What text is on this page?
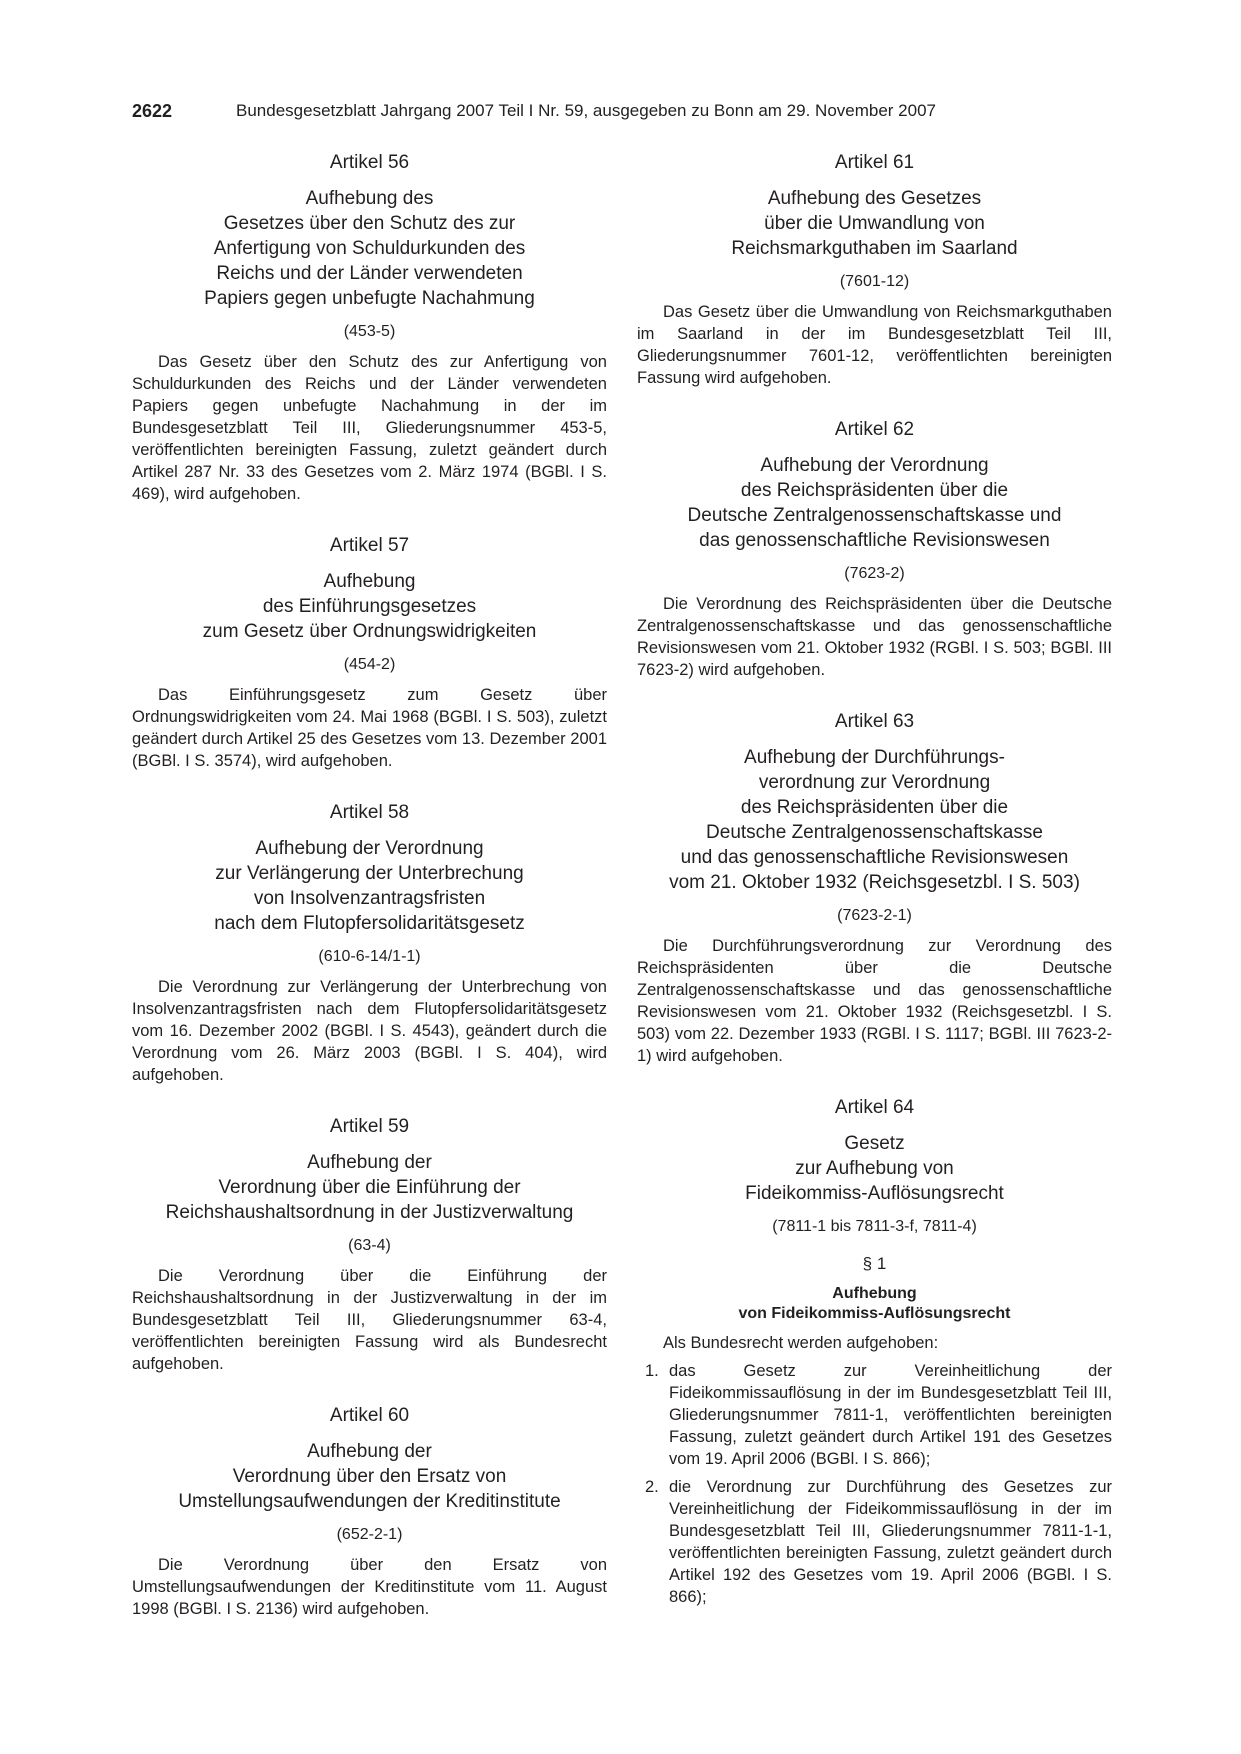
2622	Bundesgesetzblatt Jahrgang 2007 Teil I Nr. 59, ausgegeben zu Bonn am 29. November 2007
Artikel 56
Aufhebung des
Gesetzes über den Schutz des zur
Anfertigung von Schuldurkunden des
Reichs und der Länder verwendeten
Papiers gegen unbefugte Nachahmung
(453-5)

Das Gesetz über den Schutz des zur Anfertigung von Schuldurkunden des Reichs und der Länder verwendeten Papiers gegen unbefugte Nachahmung in der im Bundesgesetzblatt Teil III, Gliederungsnummer 453-5, veröffentlichten bereinigten Fassung, zuletzt geändert durch Artikel 287 Nr. 33 des Gesetzes vom 2. März 1974 (BGBl. I S. 469), wird aufgehoben.

Artikel 57
Aufhebung
des Einführungsgesetzes
zum Gesetz über Ordnungswidrigkeiten
(454-2)

Das Einführungsgesetz zum Gesetz über Ordnungswidrigkeiten vom 24. Mai 1968 (BGBl. I S. 503), zuletzt geändert durch Artikel 25 des Gesetzes vom 13. Dezember 2001 (BGBl. I S. 3574), wird aufgehoben.

Artikel 58
Aufhebung der Verordnung
zur Verlängerung der Unterbrechung
von Insolvenzantragsfristen
nach dem Flutopfersolidaritätsgesetz
(610-6-14/1-1)

Die Verordnung zur Verlängerung der Unterbrechung von Insolvenzantragsfristen nach dem Flutopfersolidaritätsgesetz vom 16. Dezember 2002 (BGBl. I S. 4543), geändert durch die Verordnung vom 26. März 2003 (BGBl. I S. 404), wird aufgehoben.

Artikel 59
Aufhebung der
Verordnung über die Einführung der
Reichshaushaltsordnung in der Justizverwaltung
(63-4)

Die Verordnung über die Einführung der Reichshaushaltsordnung in der Justizverwaltung in der im Bundesgesetzblatt Teil III, Gliederungsnummer 63-4, veröffentlichten bereinigten Fassung wird als Bundesrecht aufgehoben.

Artikel 60
Aufhebung der
Verordnung über den Ersatz von
Umstellungsaufwendungen der Kreditinstitute
(652-2-1)

Die Verordnung über den Ersatz von Umstellungsaufwendungen der Kreditinstitute vom 11. August 1998 (BGBl. I S. 2136) wird aufgehoben.

Artikel 61
Aufhebung des Gesetzes
über die Umwandlung von
Reichsmarkguthaben im Saarland
(7601-12)

Das Gesetz über die Umwandlung von Reichsmarkguthaben im Saarland in der im Bundesgesetzblatt Teil III, Gliederungsnummer 7601-12, veröffentlichten bereinigten Fassung wird aufgehoben.

Artikel 62
Aufhebung der Verordnung
des Reichspräsidenten über die
Deutsche Zentralgenossenschaftskasse und
das genossenschaftliche Revisionswesen
(7623-2)

Die Verordnung des Reichspräsidenten über die Deutsche Zentralgenossenschaftskasse und das genossenschaftliche Revisionswesen vom 21. Oktober 1932 (RGBl. I S. 503; BGBl. III 7623-2) wird aufgehoben.

Artikel 63
Aufhebung der Durchführungs-
verordnung zur Verordnung
des Reichspräsidenten über die
Deutsche Zentralgenossenschaftskasse
und das genossenschaftliche Revisionswesen
vom 21. Oktober 1932 (Reichsgesetzbl. I S. 503)
(7623-2-1)

Die Durchführungsverordnung zur Verordnung des Reichspräsidenten über die Deutsche Zentralgenossenschaftskasse und das genossenschaftliche Revisionswesen vom 21. Oktober 1932 (Reichsgesetzbl. I S. 503) vom 22. Dezember 1933 (RGBl. I S. 1117; BGBl. III 7623-2-1) wird aufgehoben.

Artikel 64
Gesetz
zur Aufhebung von
Fideikommiss-Auflösungsrecht
(7811-1 bis 7811-3-f, 7811-4)
§ 1
Aufhebung
von Fideikommiss-Auflösungsrecht

Als Bundesrecht werden aufgehoben:

1. das Gesetz zur Vereinheitlichung der Fideikommissauflösung in der im Bundesgesetzblatt Teil III, Gliederungsnummer 7811-1, veröffentlichten bereinigten Fassung, zuletzt geändert durch Artikel 191 des Gesetzes vom 19. April 2006 (BGBl. I S. 866);
2. die Verordnung zur Durchführung des Gesetzes zur Vereinheitlichung der Fideikommissauflösung in der im Bundesgesetzblatt Teil III, Gliederungsnummer 7811-1-1, veröffentlichten bereinigten Fassung, zuletzt geändert durch Artikel 192 des Gesetzes vom 19. April 2006 (BGBl. I S. 866);
